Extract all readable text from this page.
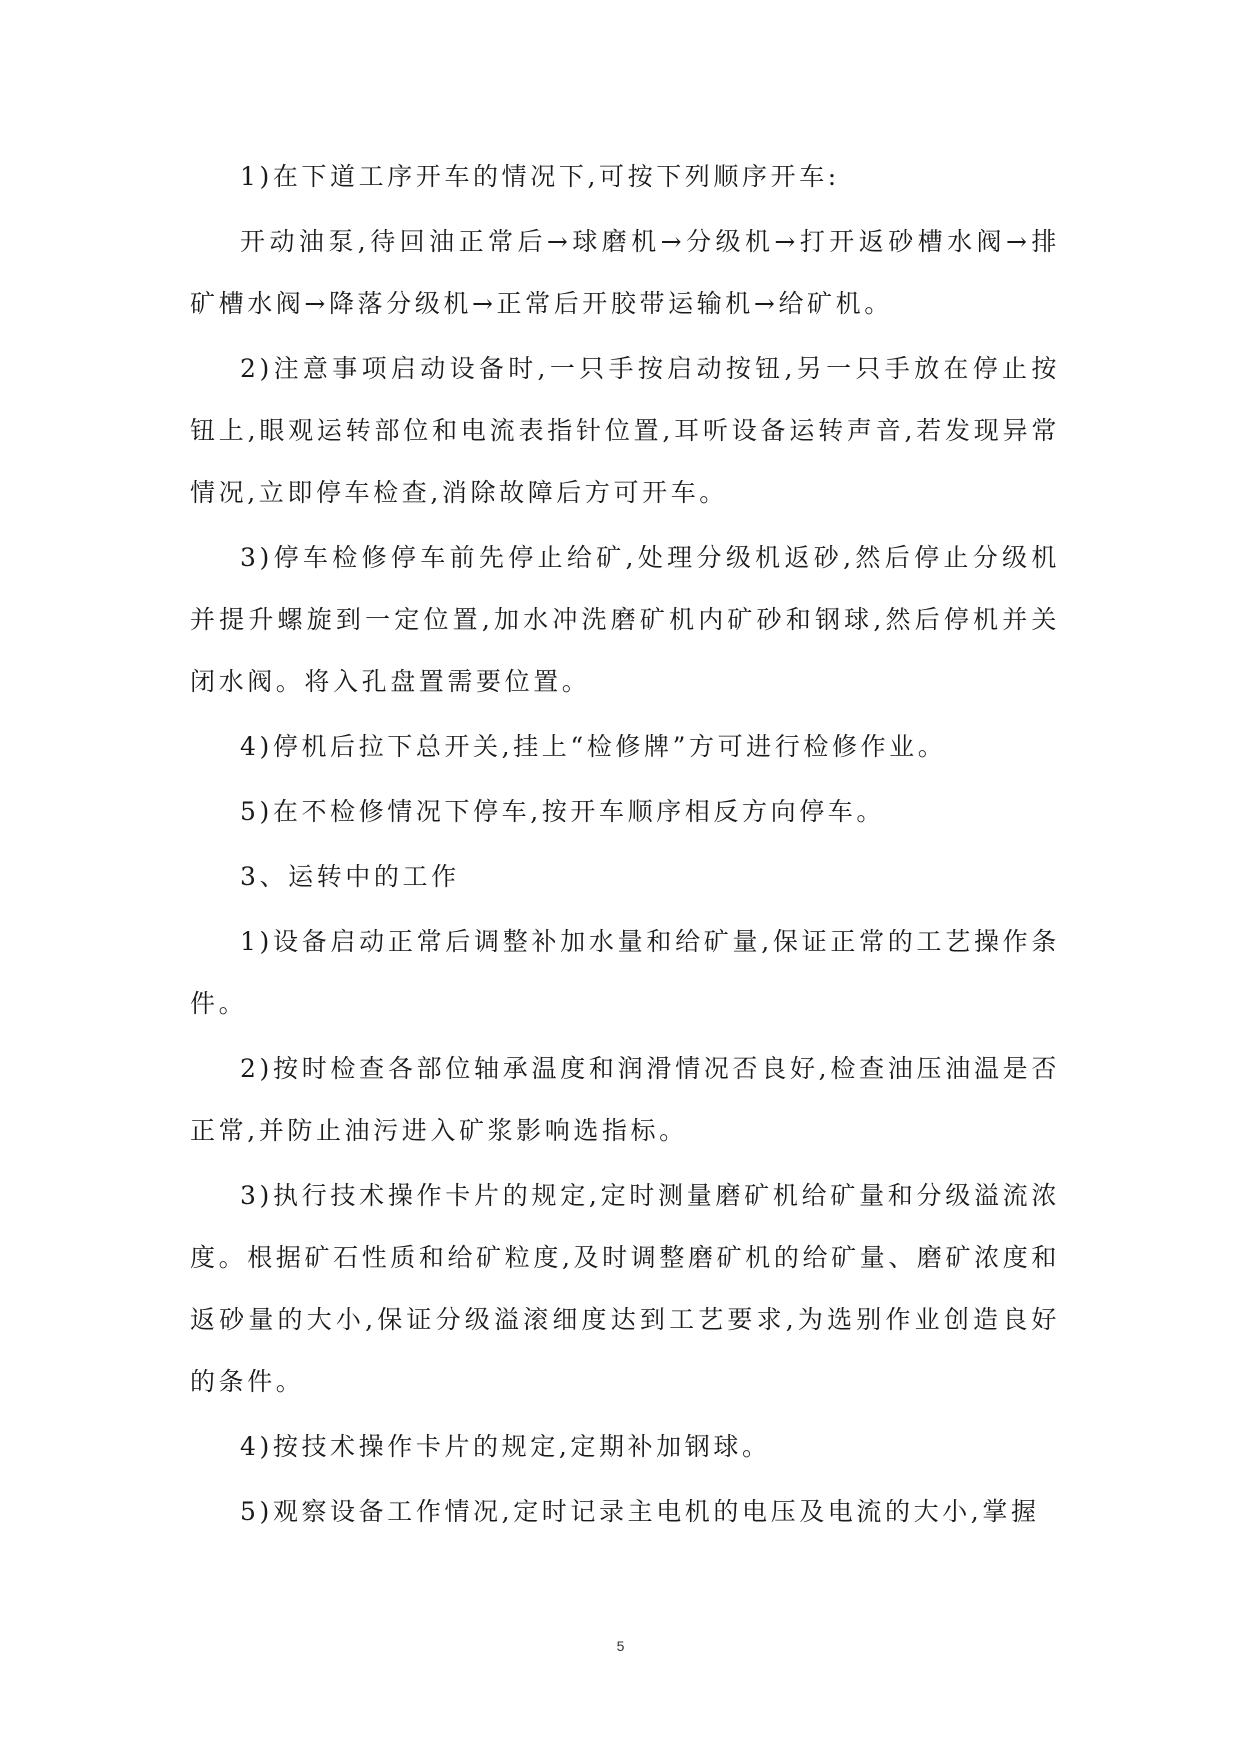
1)在下道工序开车的情况下,可按下列顺序开车:

开动油泵,待回油正常后→球磨机→分级机→打开返砂槽水阀→排矿槽水阀→降落分级机→正常后开胶带运输机→给矿机。

2)注意事项启动设备时,一只手按启动按钮,另一只手放在停止按钮上,眼观运转部位和电流表指针位置,耳听设备运转声音,若发现异常情况,立即停车检查,消除故障后方可开车。

3)停车检修停车前先停止给矿,处理分级机返砂,然后停止分级机并提升螺旋到一定位置,加水冲洗磨矿机内矿砂和钢球,然后停机并关闭水阀。将入孔盘置需要位置。

4)停机后拉下总开关,挂上“检修牌”方可进行检修作业。

5)在不检修情况下停车,按开车顺序相反方向停车。

3、运转中的工作

1)设备启动正常后调整补加水量和给矿量,保证正常的工艺操作条件。

2)按时检查各部位轴承温度和润滑情况否良好,检查油压油温是否正常,并防止油污进入矿浆影响选指标。

3)执行技术操作卡片的规定,定时测量磨矿机给矿量和分级溢流浓度。根据矿石性质和给矿粒度,及时调整磨矿机的给矿量、磨矿浓度和返砂量的大小,保证分级溢滚细度达到工艺要求,为选别作业创造良好的条件。

4)按技术操作卡片的规定,定期补加钢球。

5)观察设备工作情况,定时记录主电机的电压及电流的大小,掌握

5
